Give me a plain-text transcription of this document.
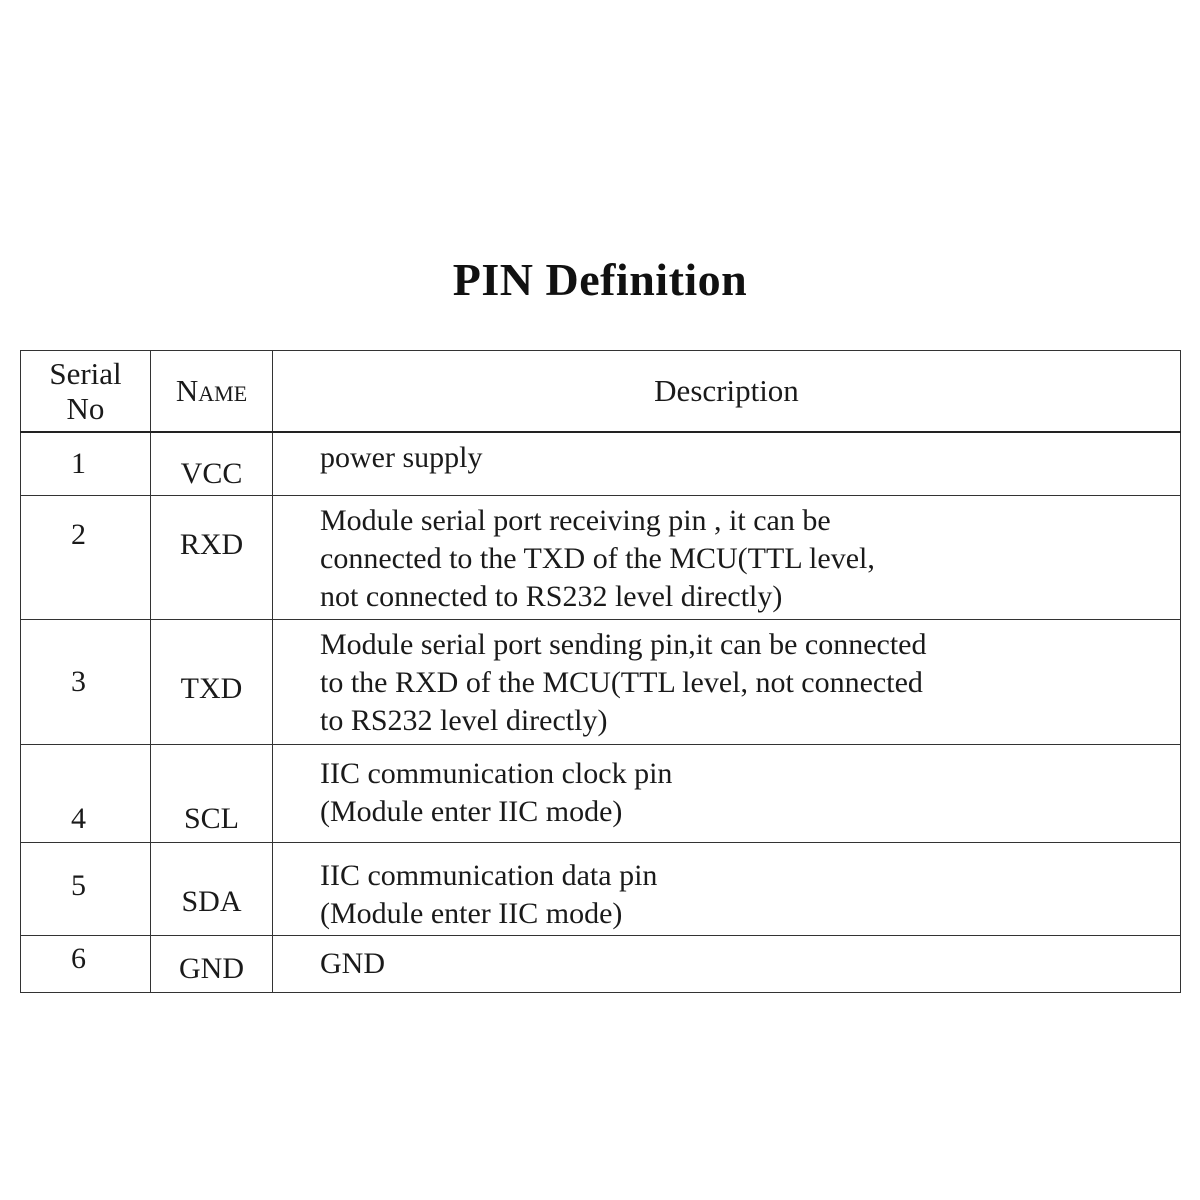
PIN Definition
Serial No	Name	Description
1	VCC	power supply

2	RXD	Module serial port receiving pin , it can be
connected to the TXD of the MCU(TTL level,
not connected to RS232 level directly)

3	TXD	Module serial port sending pin,it can be connected
to the RXD of the MCU(TTL level, not connected
to RS232 level directly)

4	SCL	IIC communication clock pin
(Module enter IIC mode)

5	SDA	IIC communication data pin
(Module enter IIC mode)

6	GND	GND
